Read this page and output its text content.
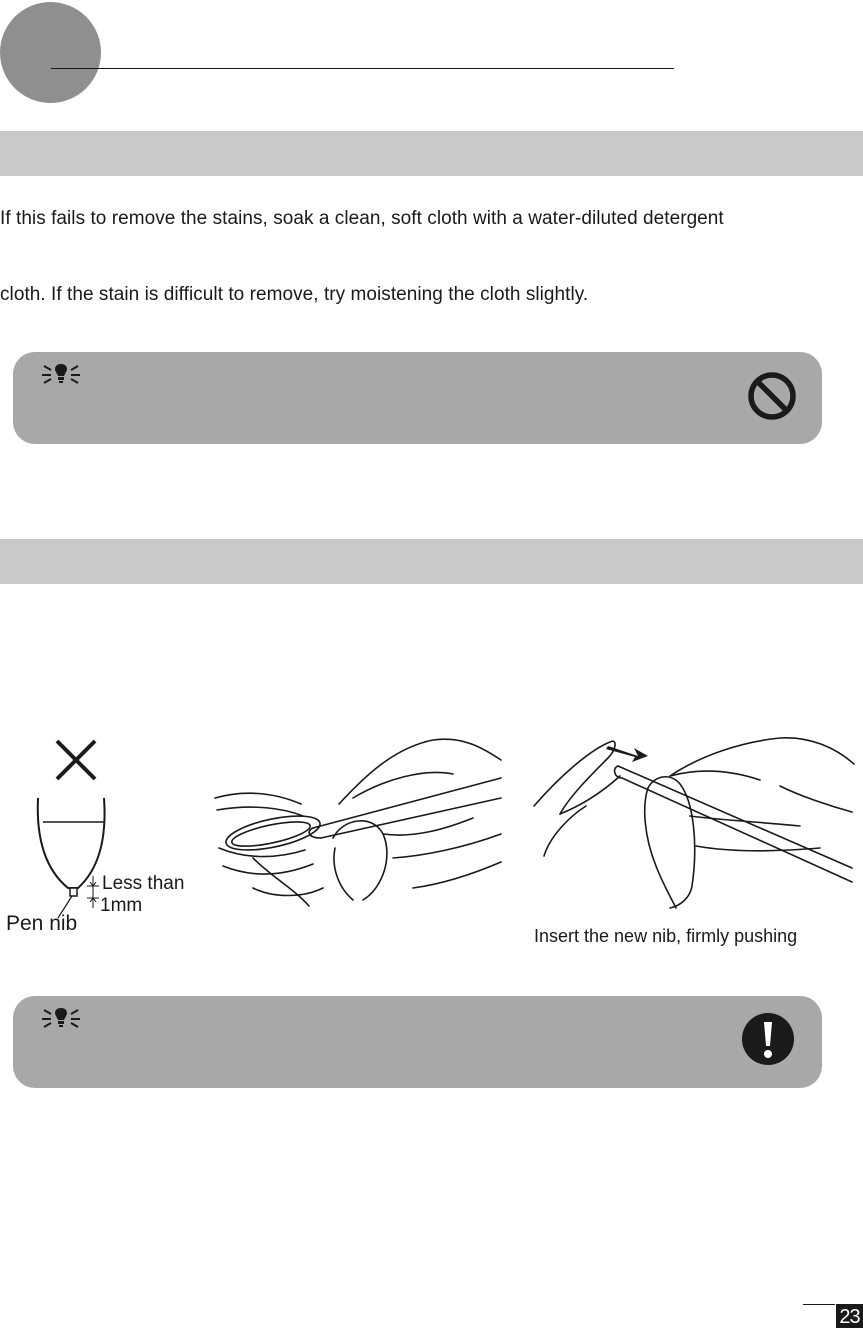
If this fails to remove the stains, soak a clean, soft cloth with a water-diluted detergent
cloth. If the stain is difficult to remove, try moistening the cloth slightly.
Less than
1mm
Pen nib
Insert the new nib, firmly pushing
23
